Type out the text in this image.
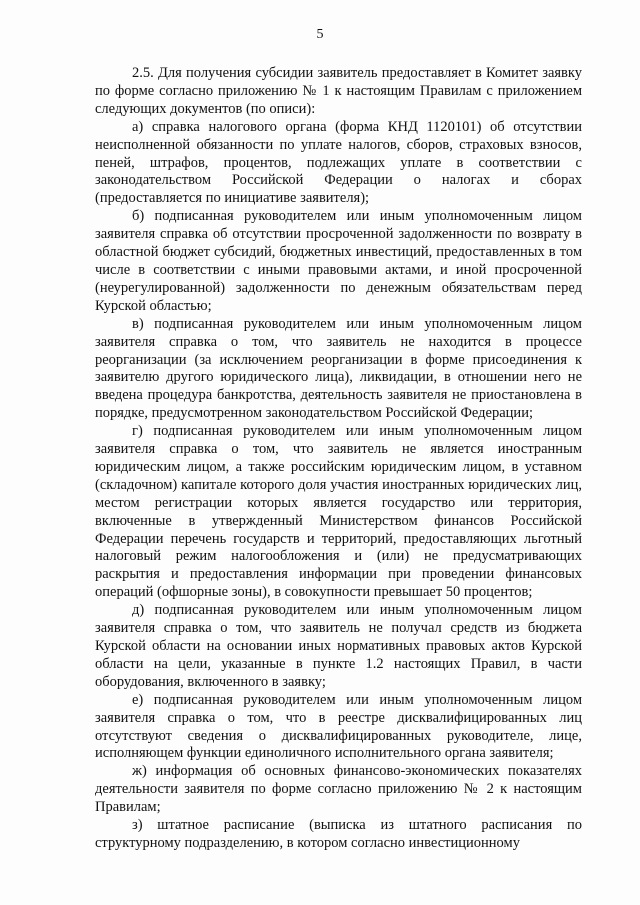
5

2.5. Для получения субсидии заявитель предоставляет в Комитет заявку по форме согласно приложению № 1 к настоящим Правилам с приложением следующих документов (по описи):

а) справка налогового органа (форма КНД 1120101) об отсутствии неисполненной обязанности по уплате налогов, сборов, страховых взносов, пеней, штрафов, процентов, подлежащих уплате в соответствии с законодательством Российской Федерации о налогах и сборах (предоставляется по инициативе заявителя);

б) подписанная руководителем или иным уполномоченным лицом заявителя справка об отсутствии просроченной задолженности по возврату в областной бюджет субсидий, бюджетных инвестиций, предоставленных в том числе в соответствии с иными правовыми актами, и иной просроченной (неурегулированной) задолженности по денежным обязательствам перед Курской областью;

в) подписанная руководителем или иным уполномоченным лицом заявителя справка о том, что заявитель не находится в процессе реорганизации (за исключением реорганизации в форме присоединения к заявителю другого юридического лица), ликвидации, в отношении него не введена процедура банкротства, деятельность заявителя не приостановлена в порядке, предусмотренном законодательством Российской Федерации;

г) подписанная руководителем или иным уполномоченным лицом заявителя справка о том, что заявитель не является иностранным юридическим лицом, а также российским юридическим лицом, в уставном (складочном) капитале которого доля участия иностранных юридических лиц, местом регистрации которых является государство или территория, включенные в утвержденный Министерством финансов Российской Федерации перечень государств и территорий, предоставляющих льготный налоговый режим налогообложения и (или) не предусматривающих раскрытия и предоставления информации при проведении финансовых операций (офшорные зоны), в совокупности превышает 50 процентов;

д) подписанная руководителем или иным уполномоченным лицом заявителя справка о том, что заявитель не получал средств из бюджета Курской области на основании иных нормативных правовых актов Курской области на цели, указанные в пункте 1.2 настоящих Правил, в части оборудования, включенного в заявку;

е) подписанная руководителем или иным уполномоченным лицом заявителя справка о том, что в реестре дисквалифицированных лиц отсутствуют сведения о дисквалифицированных руководителе, лице, исполняющем функции единоличного исполнительного органа заявителя;

ж) информация об основных финансово-экономических показателях деятельности заявителя по форме согласно приложению № 2 к настоящим Правилам;

з) штатное расписание (выписка из штатного расписания по структурному подразделению, в котором согласно инвестиционному
